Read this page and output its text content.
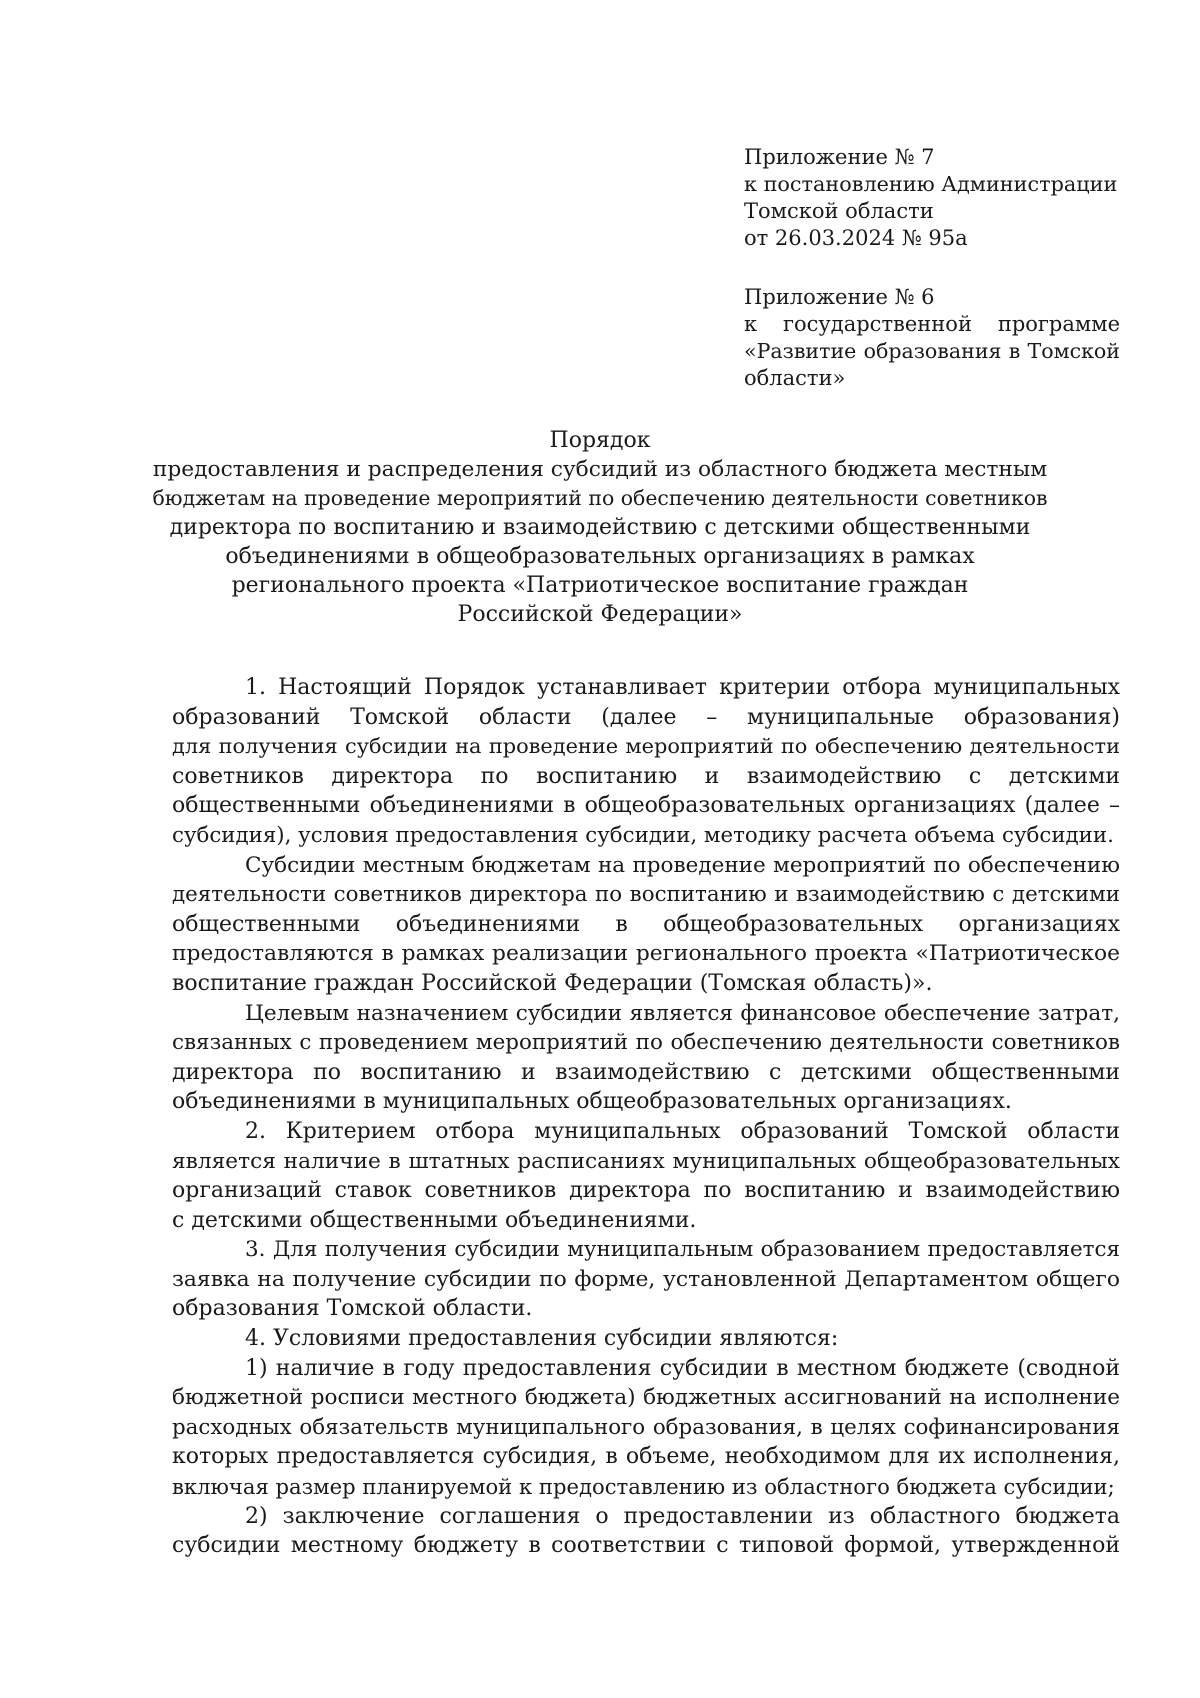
Приложение № 7
к постановлению Администрации
Томской области
от 26.03.2024 № 95а
Приложение № 6
к государственной программе
«Развитие образования в Томской
области»
Порядок
предоставления и распределения субсидий из областного бюджета местным
бюджетам на проведение мероприятий по обеспечению деятельности советников
директора по воспитанию и взаимодействию с детскими общественными
объединениями в общеобразовательных организациях в рамках
регионального проекта «Патриотическое воспитание граждан
Российской Федерации»
1. Настоящий Порядок устанавливает критерии отбора муниципальных
образований Томской области (далее – муниципальные образования)
для получения субсидии на проведение мероприятий по обеспечению деятельности
советников директора по воспитанию и взаимодействию с детскими
общественными объединениями в общеобразовательных организациях (далее –
субсидия), условия предоставления субсидии, методику расчета объема субсидии.
Субсидии местным бюджетам на проведение мероприятий по обеспечению
деятельности советников директора по воспитанию и взаимодействию с детскими
общественными объединениями в общеобразовательных организациях
предоставляются в рамках реализации регионального проекта «Патриотическое
воспитание граждан Российской Федерации (Томская область)».
Целевым назначением субсидии является финансовое обеспечение затрат,
связанных с проведением мероприятий по обеспечению деятельности советников
директора по воспитанию и взаимодействию с детскими общественными
объединениями в муниципальных общеобразовательных организациях.
2. Критерием отбора муниципальных образований Томской области
является наличие в штатных расписаниях муниципальных общеобразовательных
организаций ставок советников директора по воспитанию и взаимодействию
с детскими общественными объединениями.
3. Для получения субсидии муниципальным образованием предоставляется
заявка на получение субсидии по форме, установленной Департаментом общего
образования Томской области.
4. Условиями предоставления субсидии являются:
1) наличие в году предоставления субсидии в местном бюджете (сводной
бюджетной росписи местного бюджета) бюджетных ассигнований на исполнение
расходных обязательств муниципального образования, в целях софинансирования
которых предоставляется субсидия, в объеме, необходимом для их исполнения,
включая размер планируемой к предоставлению из областного бюджета субсидии;
2) заключение соглашения о предоставлении из областного бюджета
субсидии местному бюджету в соответствии с типовой формой, утвержденной
